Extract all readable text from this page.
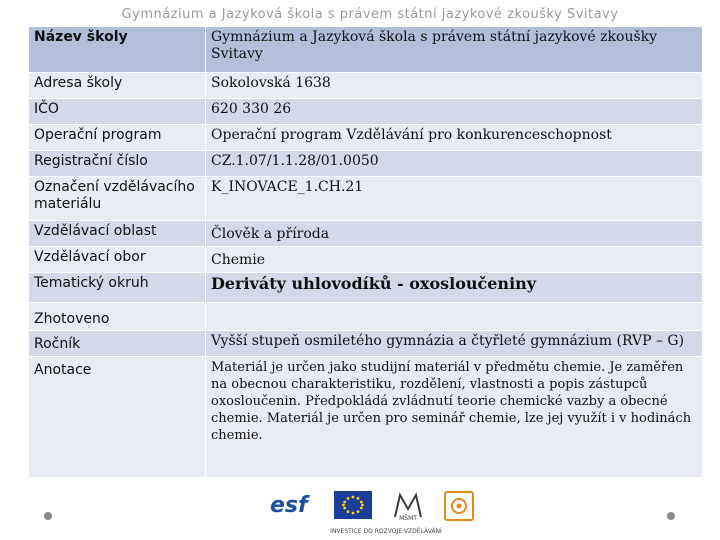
Gymnázium a Jazyková škola s právem státní jazykové zkoušky Svitavy
Název školy	Gymnázium a Jazyková škola s právem státní jazykové zkoušky Svitavy
Adresa školy	Sokolovská 1638
IČO	620 330 26
Operační program	Operační program Vzdělávání pro konkurenceschopnost
Registrační číslo	CZ.1.07/1.1.28/01.0050
Označení vzdělávacího materiálu	K_INOVACE_1.CH.21
Vzdělávací oblast	Člověk a příroda
Vzdělávací obor	Chemie
Tematický okruh	Deriváty uhlovodíků - oxosloučeniny
Zhotoveno	
Ročník	Vyšší stupeň osmiletého gymnázia a čtyřleté gymnázium (RVP – G)
Anotace	Materiál je určen jako studijní materiál v předmětu chemie. Je zaměřen na obecnou charakteristiku, rozdělení, vlastnosti a popis zástupců oxosloučenin. Předpokládá zvládnutí teorie chemické vazby a obecné chemie. Materiál je určen pro seminář chemie, lze jej využít i v hodinách chemie.
esf
MŠMT
INVESTICE DO ROZVOJE VZDĚLÁVÁNÍ
